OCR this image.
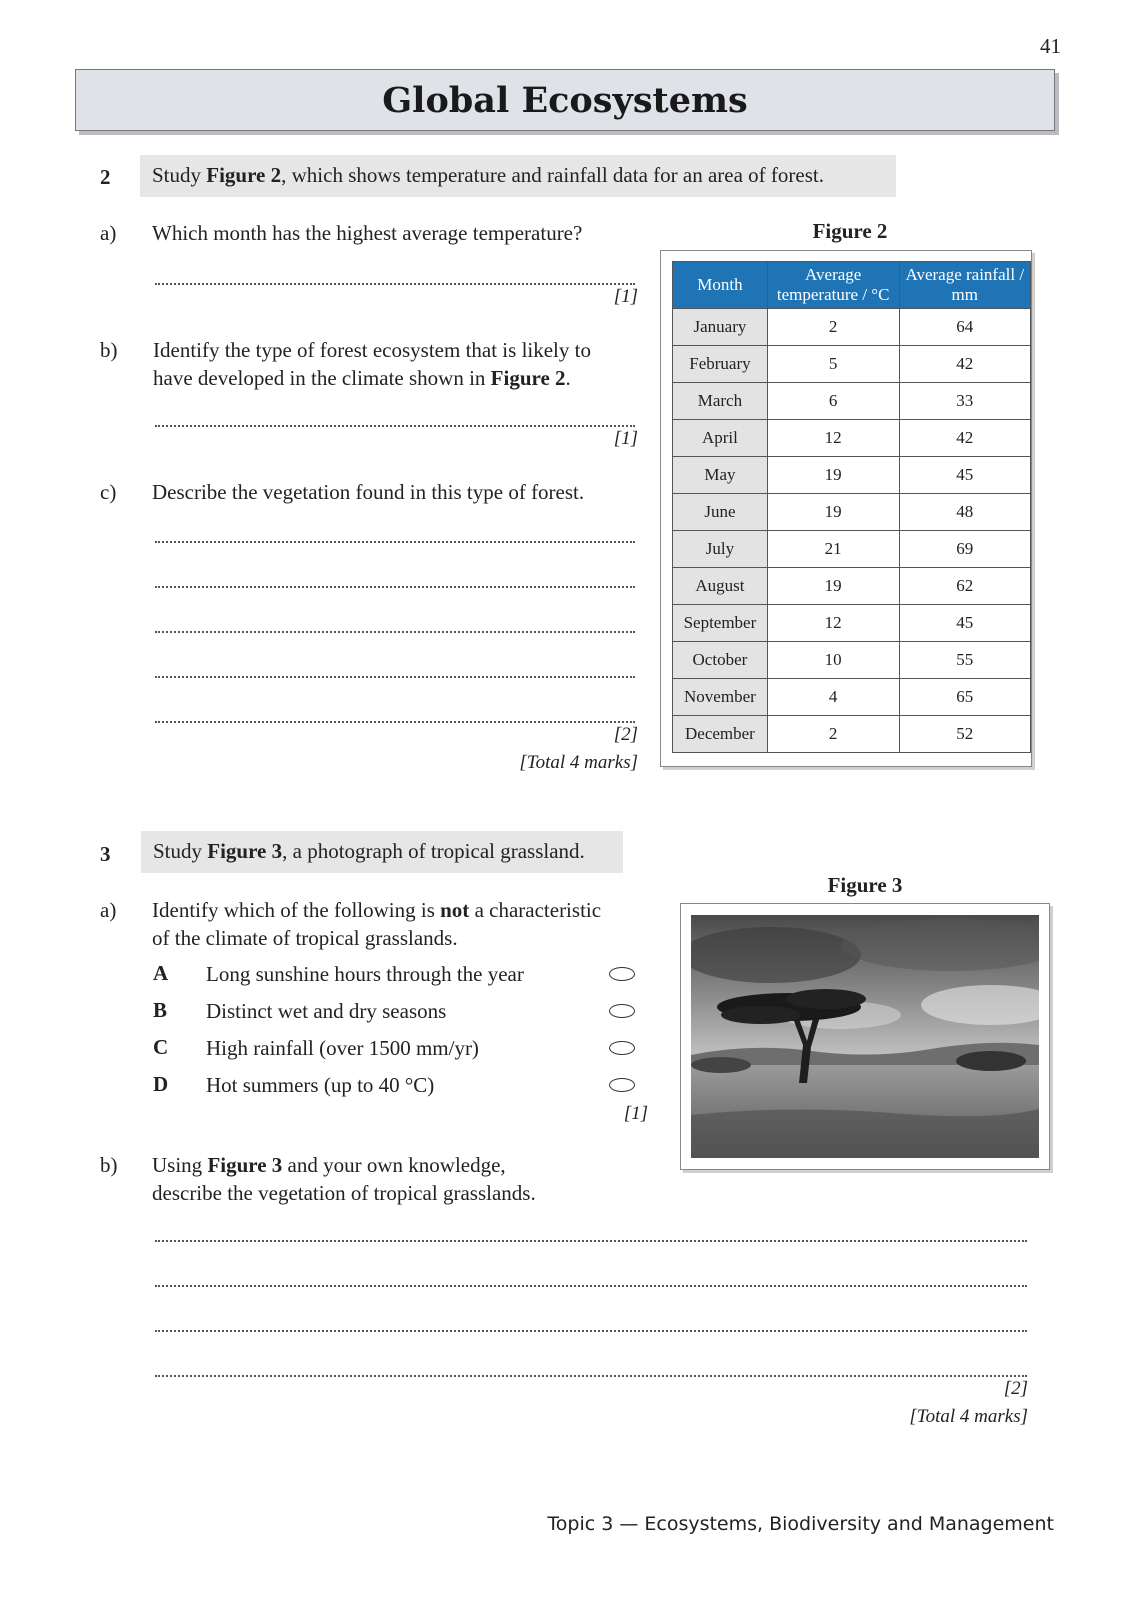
41
Global Ecosystems
2	Study Figure 2, which shows temperature and rainfall data for an area of forest.
a) Which month has the highest average temperature?
[1]
b) Identify the type of forest ecosystem that is likely to
have developed in the climate shown in Figure 2.
[1]
c) Describe the vegetation found in this type of forest.
[2]
[Total 4 marks]
Figure 2
Month	Average temperature / °C	Average rainfall / mm
January	2	64
February	5	42
March	6	33
April	12	42
May	19	45
June	19	48
July	21	69
August	19	62
September	12	45
October	10	55
November	4	65
December	2	52
3	Study Figure 3, a photograph of tropical grassland.
a) Identify which of the following is not a characteristic
of the climate of tropical grasslands.
A Long sunshine hours through the year
B Distinct wet and dry seasons
C High rainfall (over 1500 mm/yr)
D Hot summers (up to 40 °C)
[1]
b) Using Figure 3 and your own knowledge,
describe the vegetation of tropical grasslands.
[2]
[Total 4 marks]
Figure 3
Topic 3 — Ecosystems, Biodiversity and Management
